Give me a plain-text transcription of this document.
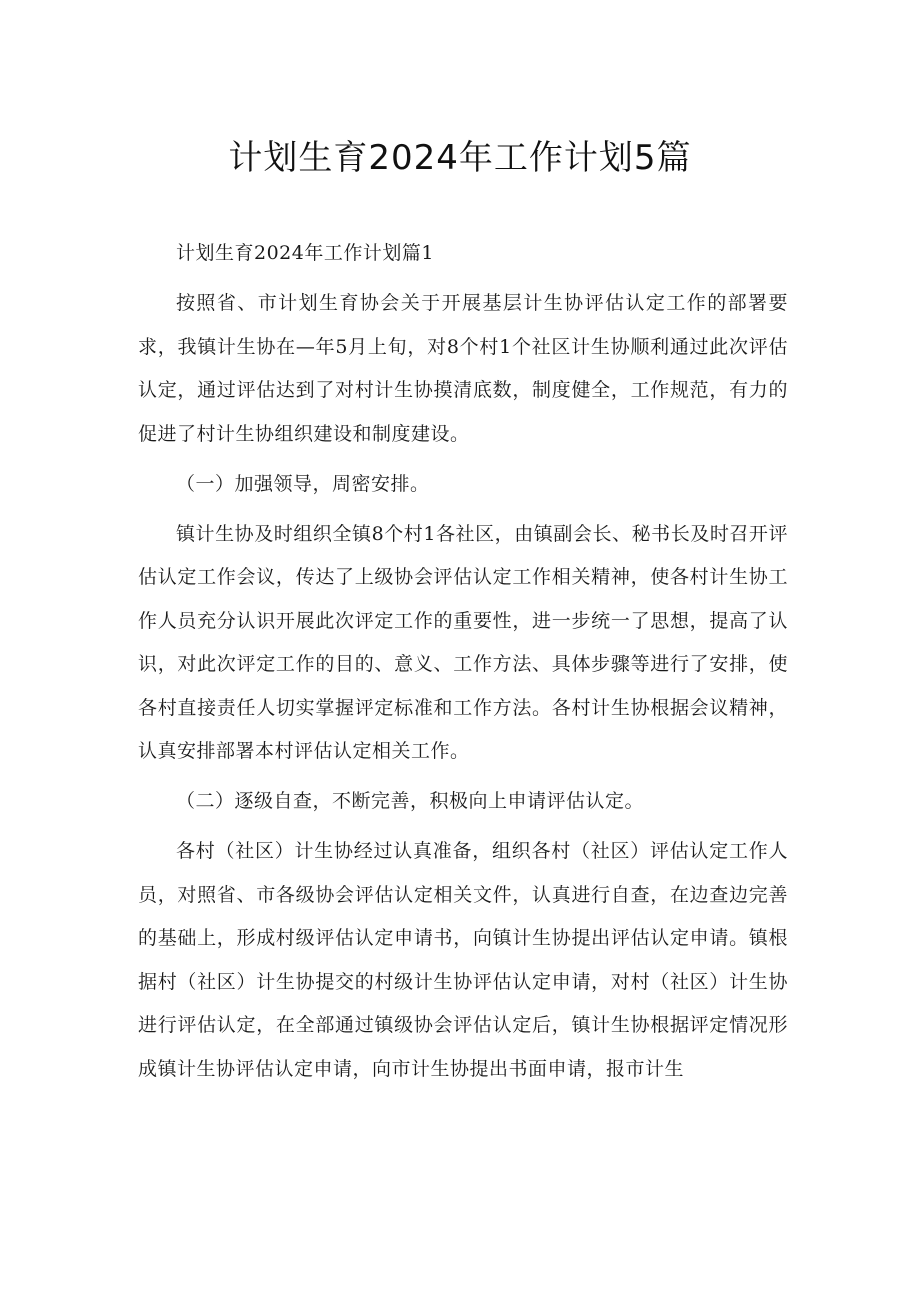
计划生育2024年工作计划5篇

计划生育2024年工作计划篇1

按照省、市计划生育协会关于开展基层计生协评估认定工作的部署要求，我镇计生协在—年5月上旬，对8个村1个社区计生协顺利通过此次评估认定，通过评估达到了对村计生协摸清底数，制度健全，工作规范，有力的促进了村计生协组织建设和制度建设。

（一）加强领导，周密安排。

镇计生协及时组织全镇8个村1各社区，由镇副会长、秘书长及时召开评估认定工作会议，传达了上级协会评估认定工作相关精神，使各村计生协工作人员充分认识开展此次评定工作的重要性，进一步统一了思想，提高了认识，对此次评定工作的目的、意义、工作方法、具体步骤等进行了安排，使各村直接责任人切实掌握评定标准和工作方法。各村计生协根据会议精神，认真安排部署本村评估认定相关工作。

（二）逐级自查，不断完善，积极向上申请评估认定。

各村（社区）计生协经过认真准备，组织各村（社区）评估认定工作人员，对照省、市各级协会评估认定相关文件，认真进行自查，在边查边完善的基础上，形成村级评估认定申请书，向镇计生协提出评估认定申请。镇根据村（社区）计生协提交的村级计生协评估认定申请，对村（社区）计生协进行评估认定，在全部通过镇级协会评估认定后，镇计生协根据评定情况形成镇计生协评估认定申请，向市计生协提出书面申请，报市计生
